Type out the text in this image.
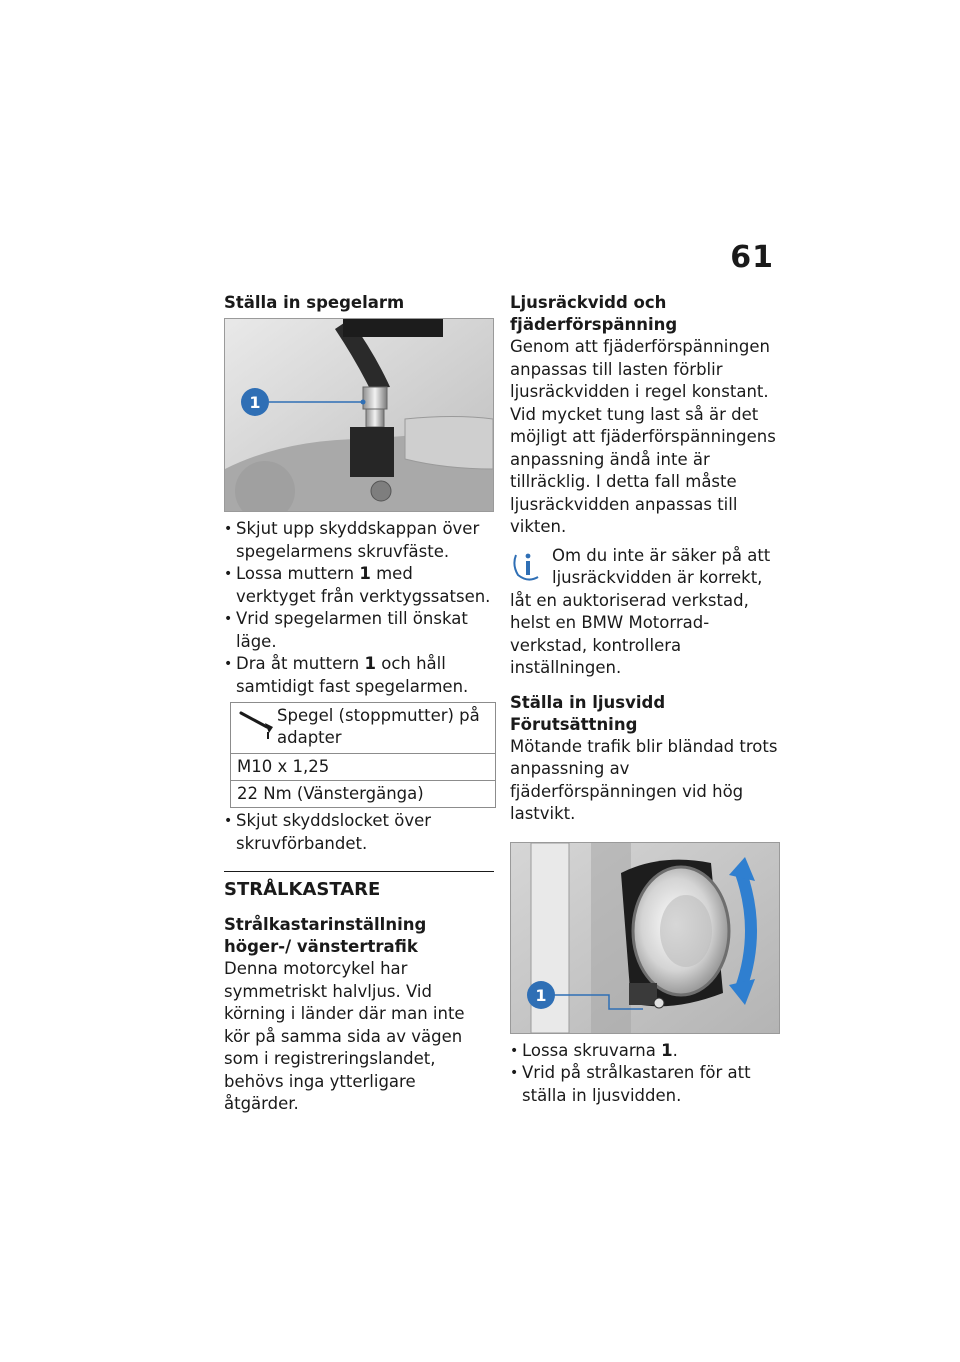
61

Ställa in spegelarm

1
• Skjut upp skyddskappan över spegelarmens skruvfäste.
• Lossa muttern 1 med verktyget från verktygssatsen.
• Vrid spegelarmen till önskat läge.
• Dra åt muttern 1 och håll samtidigt fast spegelarmen.
Spegel (stoppmutter) på adapter
M10 x 1,25
22 Nm (Vänstergänga)
• Skjut skyddslocket över skruvförbandet.

STRÅLKASTARE

Strålkastarinställning höger-/ vänstertrafik

Denna motorcykel har symmetriskt halvljus. Vid körning i länder där man inte kör på samma sida av vägen som i registreringslandet, behövs inga ytterligare åtgärder.

Ljusräckvidd och fjäderförspänning

Genom att fjäderförspänningen anpassas till lasten förblir ljusräckvidden i regel konstant.

Vid mycket tung last så är det möjligt att fjäderförspänningens anpassning ändå inte är tillräcklig. I detta fall måste ljusräckvidden anpassas till vikten.

Om du inte är säker på att ljusräckvidden är korrekt,

låt en auktoriserad verkstad, helst en BMW Motorrad-verkstad, kontrollera inställningen.

Ställa in ljusvidd

Förutsättning

Mötande trafik blir bländad trots anpassning av fjäderförspänningen vid hög lastvikt.

1
• Lossa skruvarna 1.
• Vrid på strålkastaren för att ställa in ljusvidden.
